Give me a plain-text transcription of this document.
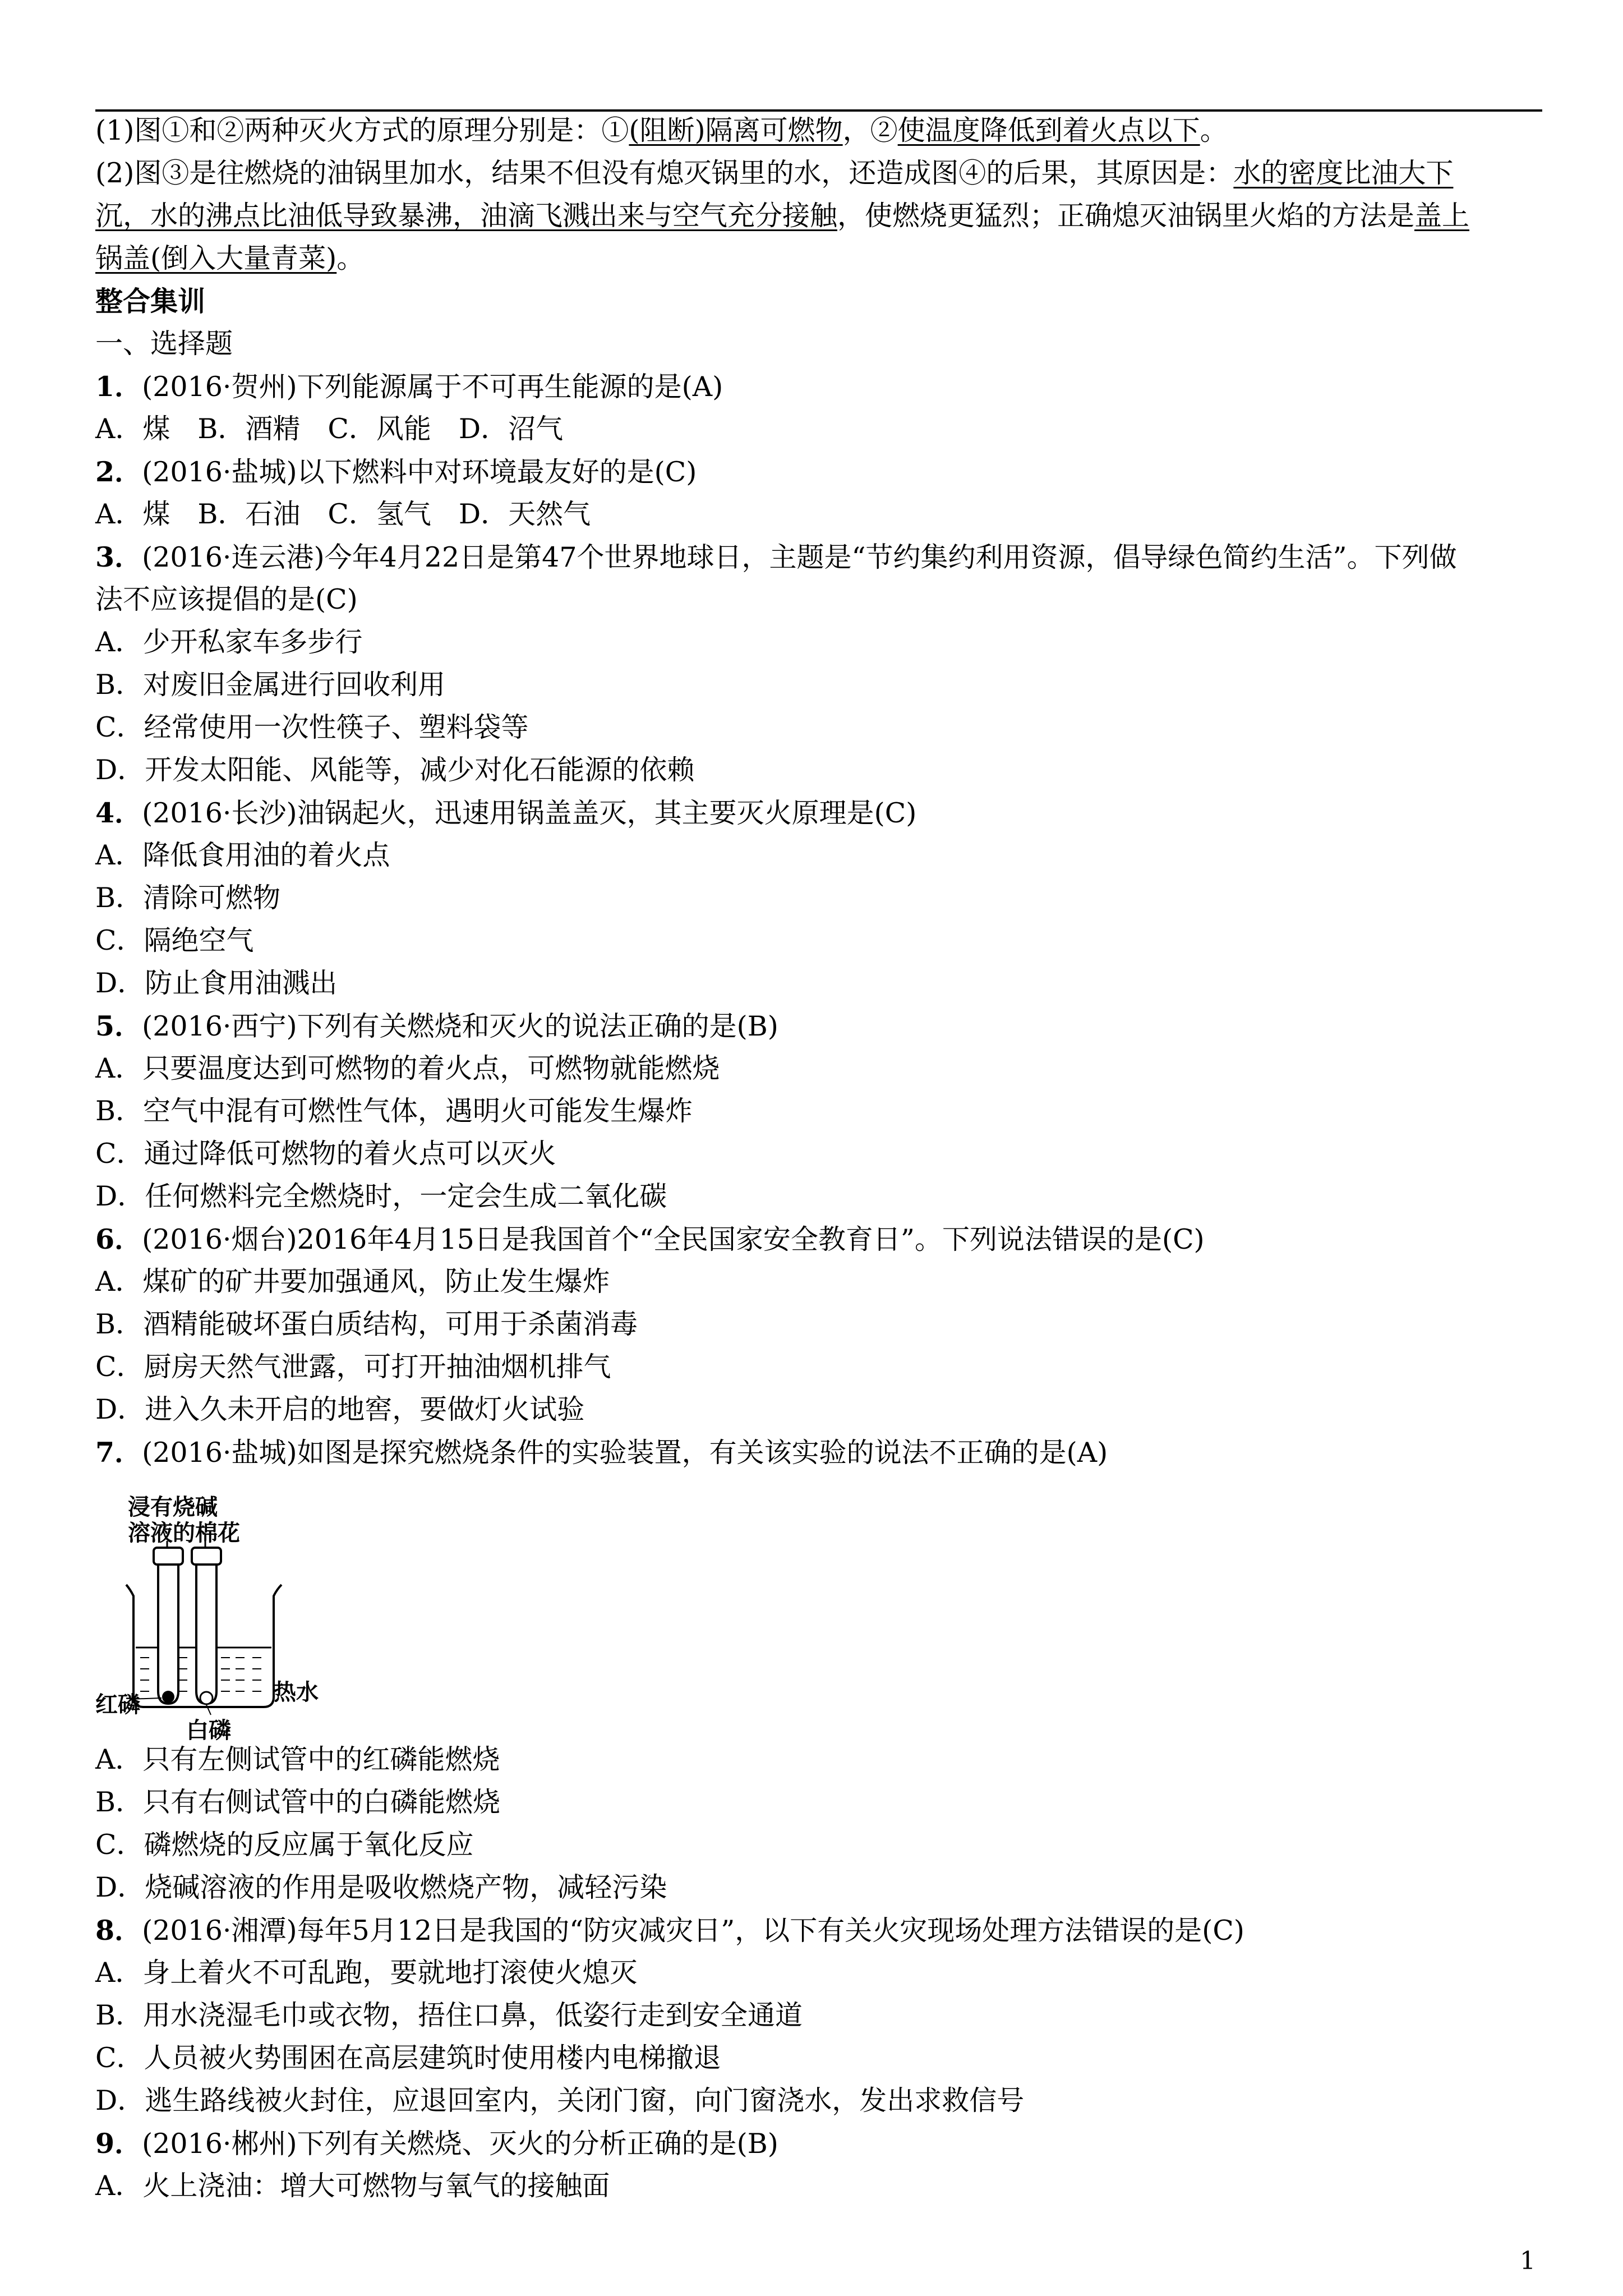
(1)图①和②两种灭火方式的原理分别是：①(阻断)隔离可燃物，②使温度降低到着火点以下。
(2)图③是往燃烧的油锅里加水，结果不但没有熄灭锅里的水，还造成图④的后果，其原因是：水的密度比油大下
沉，水的沸点比油低导致暴沸，油滴飞溅出来与空气充分接触，使燃烧更猛烈；正确熄灭油锅里火焰的方法是盖上
锅盖(倒入大量青菜)。
整合集训
一、选择题
1．(2016·贺州)下列能源属于不可再生能源的是(A)
A．煤　B．酒精　C．风能　D．沼气
2．(2016·盐城)以下燃料中对环境最友好的是(C)
A．煤　B．石油　C．氢气　D．天然气
3．(2016·连云港)今年4月22日是第47个世界地球日，主题是“节约集约利用资源，倡导绿色简约生活”。下列做
法不应该提倡的是(C)
A．少开私家车多步行
B．对废旧金属进行回收利用
C．经常使用一次性筷子、塑料袋等
D．开发太阳能、风能等，减少对化石能源的依赖
4．(2016·长沙)油锅起火，迅速用锅盖盖灭，其主要灭火原理是(C)
A．降低食用油的着火点
B．清除可燃物
C．隔绝空气
D．防止食用油溅出
5．(2016·西宁)下列有关燃烧和灭火的说法正确的是(B)
A．只要温度达到可燃物的着火点，可燃物就能燃烧
B．空气中混有可燃性气体，遇明火可能发生爆炸
C．通过降低可燃物的着火点可以灭火
D．任何燃料完全燃烧时，一定会生成二氧化碳
6．(2016·烟台)2016年4月15日是我国首个“全民国家安全教育日”。下列说法错误的是(C)
A．煤矿的矿井要加强通风，防止发生爆炸
B．酒精能破坏蛋白质结构，可用于杀菌消毒
C．厨房天然气泄露，可打开抽油烟机排气
D．进入久未开启的地窖，要做灯火试验
7．(2016·盐城)如图是探究燃烧条件的实验装置，有关该实验的说法不正确的是(A)
浸有烧碱
溶液的棉花
红磷	热水
白磷
A．只有左侧试管中的红磷能燃烧
B．只有右侧试管中的白磷能燃烧
C．磷燃烧的反应属于氧化反应
D．烧碱溶液的作用是吸收燃烧产物，减轻污染
8．(2016·湘潭)每年5月12日是我国的“防灾减灾日”，以下有关火灾现场处理方法错误的是(C)
A．身上着火不可乱跑，要就地打滚使火熄灭
B．用水浇湿毛巾或衣物，捂住口鼻，低姿行走到安全通道
C．人员被火势围困在高层建筑时使用楼内电梯撤退
D．逃生路线被火封住，应退回室内，关闭门窗，向门窗浇水，发出求救信号
9．(2016·郴州)下列有关燃烧、灭火的分析正确的是(B)
A．火上浇油：增大可燃物与氧气的接触面
1
